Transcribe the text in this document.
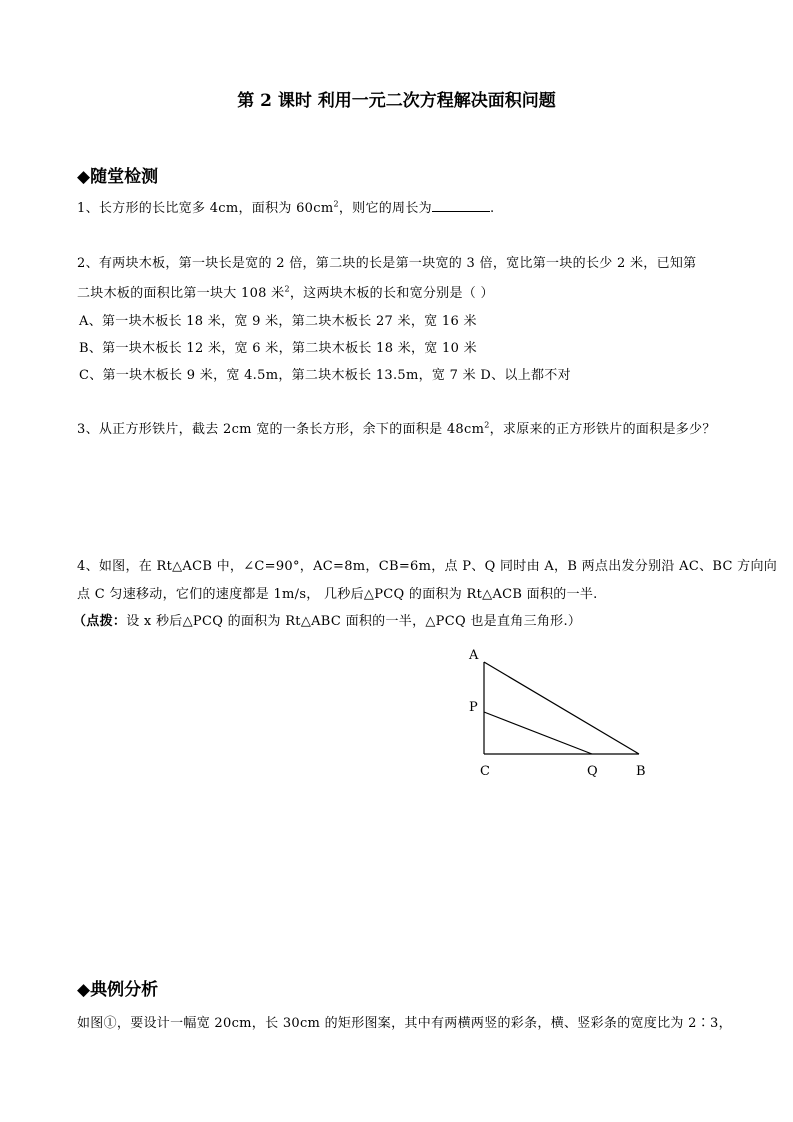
第 2 课时 利用一元二次方程解决面积问题
◆随堂检测
1、长方形的长比宽多 4cm，面积为 $60cm^2$，则它的周长为	.
2、有两块木板，第一块长是宽的 2 倍，第二块的长是第一块宽的 3 倍，宽比第一块的长少 2 米，已知第
二块木板的面积比第一块大 108 米$^2$，这两块木板的长和宽分别是（ ）
A、第一块木板长 18 米，宽 9 米，第二块木板长 27 米，宽 16 米
B、第一块木板长 12 米，宽 6 米，第二块木板长 18 米，宽 10 米
C、第一块木板长 9 米，宽 4.5m，第二块木板长 13.5m，宽 7 米 D、以上都不对
3、从正方形铁片，截去 2cm 宽的一条长方形，余下的面积是 $48cm^2$，求原来的正方形铁片的面积是多少？
4、如图，在 Rt△ACB 中，∠C=90°，AC=8m，CB=6m，点 P、Q 同时由 A，B 两点出发分别沿 AC、BC 方向向
点 C 匀速移动，它们的速度都是 1m/s， 几秒后△PCQ 的面积为 Rt△ACB 面积的一半.
（点拨：设 x 秒后△PCQ 的面积为 Rt△ABC 面积的一半，△PCQ 也是直角三角形.）
A
P
C	Q	B
◆典例分析
如图①，要设计一幅宽 20cm，长 30cm 的矩形图案，其中有两横两竖的彩条，横、竖彩条的宽度比为 2∶3，
